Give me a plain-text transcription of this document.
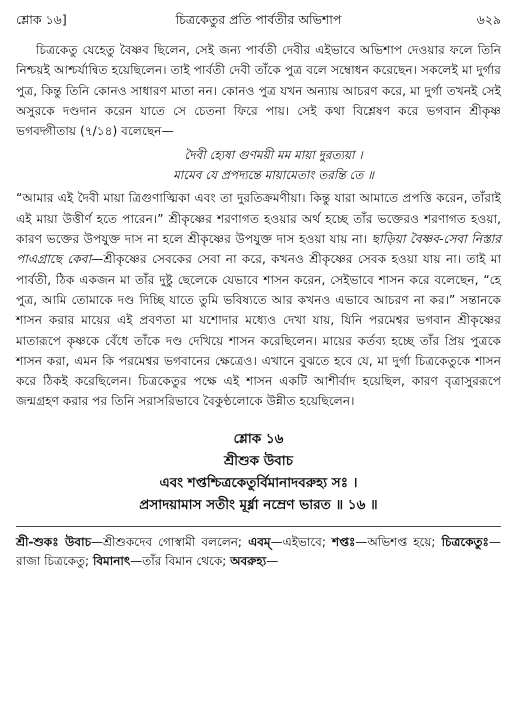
শ্লোক ১৬]	চিত্রকেতুর প্রতি পার্বতীর অভিশাপ	৬২৯

চিত্রকেতু যেহেতু বৈষ্ণব ছিলেন, সেই জন্য পার্বতী দেবীর এইভাবে অভিশাপ দেওয়ার ফলে তিনি নিশ্চয়ই আশ্চর্যান্বিত হয়েছিলেন। তাই পার্বতী দেবী তাঁকে পুত্র বলে সম্বোধন করেছেন। সকলেই মা দুর্গার পুত্র, কিন্তু তিনি কোনও সাধারণ মাতা নন। কোনও পুত্র যখন অন্যায় আচরণ করে, মা দুর্গা তখনই সেই অসুরকে দণ্ডদান করেন যাতে সে চেতনা ফিরে পায়। সেই কথা বিশ্লেষণ করে ভগবান শ্রীকৃষ্ণ ভগবদ্গীতায় (৭/১৪) বলেছেন—

দৈবী হ্যেষা গুণময়ী মম মায়া দুরত্যয়া ।
মামেব যে প্রপদ্যন্তে মায়ামেতাং তরন্তি তে ॥

“আমার এই দৈবী মায়া ত্রিগুণাত্মিকা এবং তা দুরতিক্রমণীয়া। কিন্তু যারা আমাতে প্রপত্তি করেন, তাঁরাই এই মায়া উত্তীর্ণ হতে পারেন।” শ্রীকৃষ্ণের শরণাগত হওয়ার অর্থ হচ্ছে তাঁর ভক্তেরও শরণাগত হওয়া, কারণ ভক্তের উপযুক্ত দাস না হলে শ্রীকৃষ্ণের উপযুক্ত দাস হওয়া যায় না। ছাড়িয়া বৈষ্ণব-সেবা নিস্তার পাএগ্রাছে কেবা—শ্রীকৃষ্ণের সেবকের সেবা না করে, কখনও শ্রীকৃষ্ণের সেবক হওয়া যায় না। তাই মা পার্বতী, ঠিক একজন মা তাঁর দুষ্টু ছেলেকে যেভাবে শাসন করেন, সেইভাবে শাসন করে বলেছেন, “হে পুত্র, আমি তোমাকে দণ্ড দিচ্ছি যাতে তুমি ভবিষ্যতে আর কখনও এভাবে আচরণ না কর।” সন্তানকে শাসন করার মায়ের এই প্রবণতা মা যশোদার মধ্যেও দেখা যায়, যিনি পরমেশ্বর ভগবান শ্রীকৃষ্ণের মাতারূপে কৃষ্ণকে বেঁধে তাঁকে দণ্ড দেখিয়ে শাসন করেছিলেন। মায়ের কর্তব্য হচ্ছে তাঁর প্রিয় পুত্রকে শাসন করা, এমন কি পরমেশ্বর ভগবানের ক্ষেত্রেও। এখানে বুঝতে হবে যে, মা দুর্গা চিত্রকেতুকে শাসন করে ঠিকই করেছিলেন। চিত্রকেতুর পক্ষে এই শাসন একটি আশীর্বাদ হয়েছিল, কারণ বৃত্রাসুররূপে জন্মগ্রহণ করার পর তিনি সরাসরিভাবে বৈকুণ্ঠলোকে উন্নীত হয়েছিলেন।

শ্লোক ১৬
শ্রীশুক উবাচ
এবং শপ্তশ্চিত্রকেতুর্বিমানাদবরুহ্য সঃ ।
প্রসাদয়ামাস সতীং মূর্ধ্না নম্রেণ ভারত ॥ ১৬ ॥

শ্রী-শুকঃ উবাচ—শ্রীশুকদেব গোস্বামী বললেন; এবম্—এইভাবে; শপ্তঃ—অভিশপ্ত হয়ে; চিত্রকেতুঃ—রাজা চিত্রকেতু; বিমানাৎ—তাঁর বিমান থেকে; অবরুহ্য—
